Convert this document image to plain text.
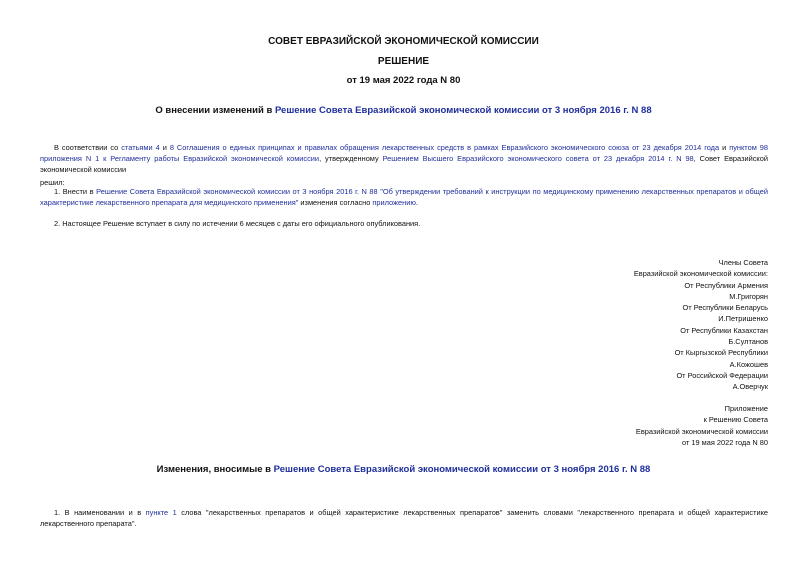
СОВЕТ ЕВРАЗИЙСКОЙ ЭКОНОМИЧЕСКОЙ КОМИССИИ
РЕШЕНИЕ
от 19 мая 2022 года N 80
О внесении изменений в Решение Совета Евразийской экономической комиссии от 3 ноября 2016 г. N 88
В соответствии со статьями 4 и 8 Соглашения о единых принципах и правилах обращения лекарственных средств в рамках Евразийского экономического союза от 23 декабря 2014 года и пунктом 98 приложения N 1 к Регламенту работы Евразийской экономической комиссии, утвержденному Решением Высшего Евразийского экономического совета от 23 декабря 2014 г. N 98, Совет Евразийской экономической комиссии
решил:
1. Внести в Решение Совета Евразийской экономической комиссии от 3 ноября 2016 г. N 88 "Об утверждении требований к инструкции по медицинскому применению лекарственных препаратов и общей характеристике лекарственного препарата для медицинского применения" изменения согласно приложению.
2. Настоящее Решение вступает в силу по истечении 6 месяцев с даты его официального опубликования.
Члены Совета
Евразийской экономической комиссии:
От Республики Армения
М.Григорян
От Республики Беларусь
И.Петришенко
От Республики Казахстан
Б.Султанов
От Кыргызской Республики
А.Кожошев
От Российской Федерации
А.Оверчук
Приложение
к Решению Совета
Евразийской экономической комиссии
от 19 мая 2022 года N 80
Изменения, вносимые в Решение Совета Евразийской экономической комиссии от 3 ноября 2016 г. N 88
1. В наименовании и в пункте 1 слова "лекарственных препаратов и общей характеристике лекарственных препаратов" заменить словами "лекарственного препарата и общей характеристике лекарственного препарата".
